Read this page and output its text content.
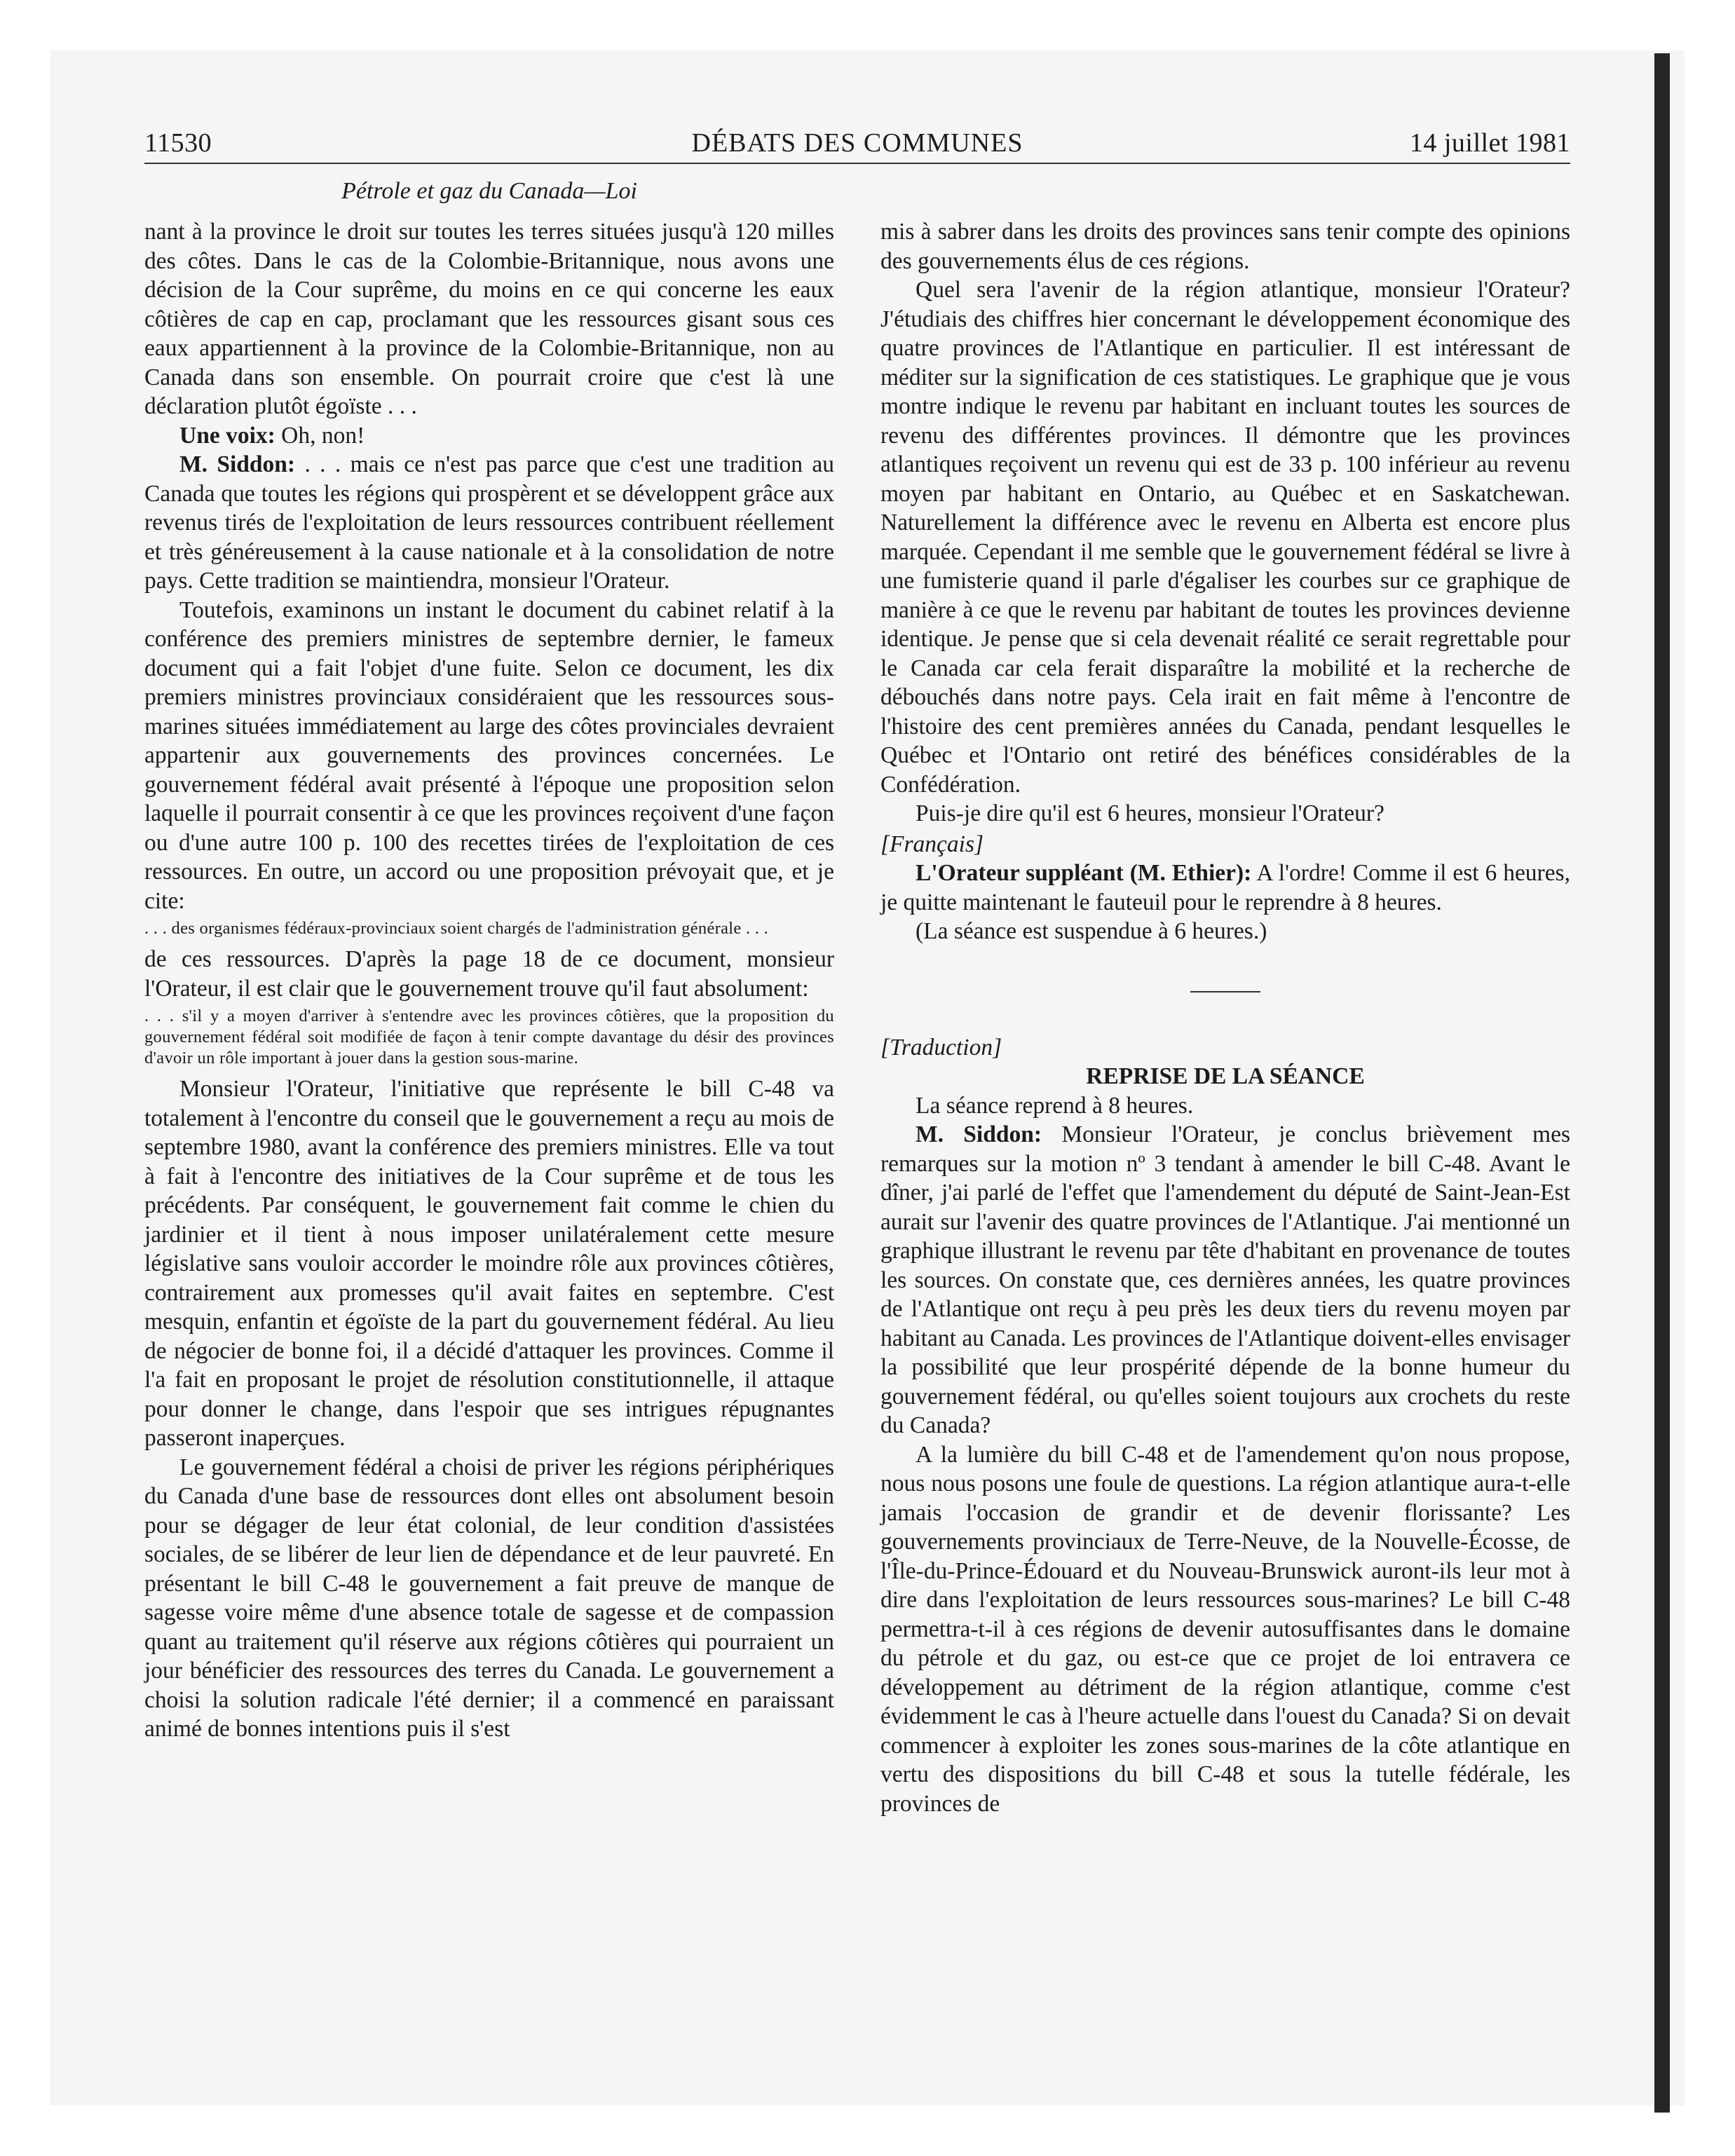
11530	DÉBATS DES COMMUNES	14 juillet 1981
Pétrole et gaz du Canada—Loi

nant à la province le droit sur toutes les terres situées jusqu'à 120 milles des côtes. Dans le cas de la Colombie-Britannique, nous avons une décision de la Cour suprême, du moins en ce qui concerne les eaux côtières de cap en cap, proclamant que les ressources gisant sous ces eaux appartiennent à la province de la Colombie-Britannique, non au Canada dans son ensemble. On pourrait croire que c'est là une déclaration plutôt égoïste . . .

Une voix: Oh, non!

M. Siddon: . . . mais ce n'est pas parce que c'est une tradition au Canada que toutes les régions qui prospèrent et se développent grâce aux revenus tirés de l'exploitation de leurs ressources contribuent réellement et très généreusement à la cause nationale et à la consolidation de notre pays. Cette tradition se maintiendra, monsieur l'Orateur.

Toutefois, examinons un instant le document du cabinet relatif à la conférence des premiers ministres de septembre dernier, le fameux document qui a fait l'objet d'une fuite. Selon ce document, les dix premiers ministres provinciaux considéraient que les ressources sous-marines situées immédiatement au large des côtes provinciales devraient appartenir aux gouvernements des provinces concernées. Le gouvernement fédéral avait présenté à l'époque une proposition selon laquelle il pourrait consentir à ce que les provinces reçoivent d'une façon ou d'une autre 100 p. 100 des recettes tirées de l'exploitation de ces ressources. En outre, un accord ou une proposition prévoyait que, et je cite:

. . . des organismes fédéraux-provinciaux soient chargés de l'administration générale . . .

de ces ressources. D'après la page 18 de ce document, monsieur l'Orateur, il est clair que le gouvernement trouve qu'il faut absolument:

. . . s'il y a moyen d'arriver à s'entendre avec les provinces côtières, que la proposition du gouvernement fédéral soit modifiée de façon à tenir compte davantage du désir des provinces d'avoir un rôle important à jouer dans la gestion sous-marine.

Monsieur l'Orateur, l'initiative que représente le bill C-48 va totalement à l'encontre du conseil que le gouvernement a reçu au mois de septembre 1980, avant la conférence des premiers ministres. Elle va tout à fait à l'encontre des initiatives de la Cour suprême et de tous les précédents. Par conséquent, le gouvernement fait comme le chien du jardinier et il tient à nous imposer unilatéralement cette mesure législative sans vouloir accorder le moindre rôle aux provinces côtières, contrairement aux promesses qu'il avait faites en septembre. C'est mesquin, enfantin et égoïste de la part du gouvernement fédéral. Au lieu de négocier de bonne foi, il a décidé d'attaquer les provinces. Comme il l'a fait en proposant le projet de résolution constitutionnelle, il attaque pour donner le change, dans l'espoir que ses intrigues répugnantes passeront inaperçues.

Le gouvernement fédéral a choisi de priver les régions périphériques du Canada d'une base de ressources dont elles ont absolument besoin pour se dégager de leur état colonial, de leur condition d'assistées sociales, de se libérer de leur lien de dépendance et de leur pauvreté. En présentant le bill C-48 le gouvernement a fait preuve de manque de sagesse voire même d'une absence totale de sagesse et de compassion quant au traitement qu'il réserve aux régions côtières qui pourraient un jour bénéficier des ressources des terres du Canada. Le gouvernement a choisi la solution radicale l'été dernier; il a commencé en paraissant animé de bonnes intentions puis il s'est

mis à sabrer dans les droits des provinces sans tenir compte des opinions des gouvernements élus de ces régions.

Quel sera l'avenir de la région atlantique, monsieur l'Orateur? J'étudiais des chiffres hier concernant le développement économique des quatre provinces de l'Atlantique en particulier. Il est intéressant de méditer sur la signification de ces statistiques. Le graphique que je vous montre indique le revenu par habitant en incluant toutes les sources de revenu des différentes provinces. Il démontre que les provinces atlantiques reçoivent un revenu qui est de 33 p. 100 inférieur au revenu moyen par habitant en Ontario, au Québec et en Saskatchewan. Naturellement la différence avec le revenu en Alberta est encore plus marquée. Cependant il me semble que le gouvernement fédéral se livre à une fumisterie quand il parle d'égaliser les courbes sur ce graphique de manière à ce que le revenu par habitant de toutes les provinces devienne identique. Je pense que si cela devenait réalité ce serait regrettable pour le Canada car cela ferait disparaître la mobilité et la recherche de débouchés dans notre pays. Cela irait en fait même à l'encontre de l'histoire des cent premières années du Canada, pendant lesquelles le Québec et l'Ontario ont retiré des bénéfices considérables de la Confédération.

Puis-je dire qu'il est 6 heures, monsieur l'Orateur?

[Français]

L'Orateur suppléant (M. Ethier): A l'ordre! Comme il est 6 heures, je quitte maintenant le fauteuil pour le reprendre à 8 heures.

(La séance est suspendue à 6 heures.)

[Traduction]

REPRISE DE LA SÉANCE

La séance reprend à 8 heures.

M. Siddon: Monsieur l'Orateur, je conclus brièvement mes remarques sur la motion nº 3 tendant à amender le bill C-48. Avant le dîner, j'ai parlé de l'effet que l'amendement du député de Saint-Jean-Est aurait sur l'avenir des quatre provinces de l'Atlantique. J'ai mentionné un graphique illustrant le revenu par tête d'habitant en provenance de toutes les sources. On constate que, ces dernières années, les quatre provinces de l'Atlantique ont reçu à peu près les deux tiers du revenu moyen par habitant au Canada. Les provinces de l'Atlantique doivent-elles envisager la possibilité que leur prospérité dépende de la bonne humeur du gouvernement fédéral, ou qu'elles soient toujours aux crochets du reste du Canada?

A la lumière du bill C-48 et de l'amendement qu'on nous propose, nous nous posons une foule de questions. La région atlantique aura-t-elle jamais l'occasion de grandir et de devenir florissante? Les gouvernements provinciaux de Terre-Neuve, de la Nouvelle-Écosse, de l'Île-du-Prince-Édouard et du Nouveau-Brunswick auront-ils leur mot à dire dans l'exploitation de leurs ressources sous-marines? Le bill C-48 permettra-t-il à ces régions de devenir autosuffisantes dans le domaine du pétrole et du gaz, ou est-ce que ce projet de loi entravera ce développement au détriment de la région atlantique, comme c'est évidemment le cas à l'heure actuelle dans l'ouest du Canada? Si on devait commencer à exploiter les zones sous-marines de la côte atlantique en vertu des dispositions du bill C-48 et sous la tutelle fédérale, les provinces de
